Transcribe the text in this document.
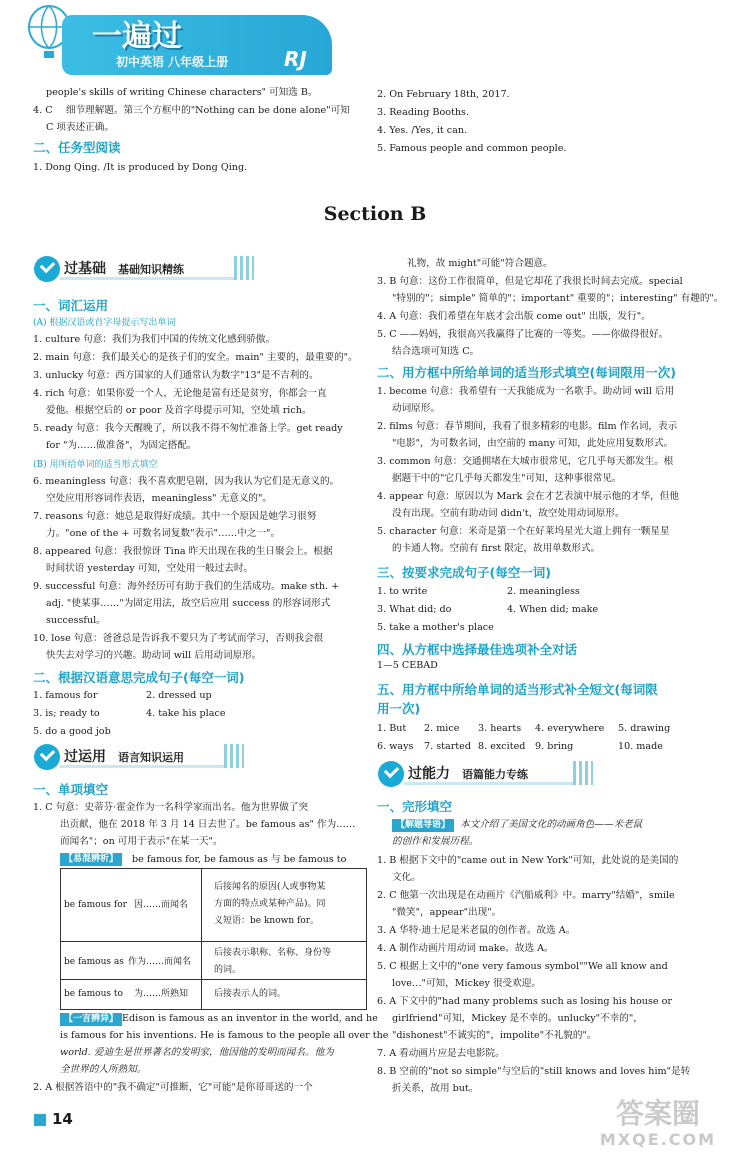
一遍过
初中英语 八年级上册	RJ
people's skills of writing Chinese characters" 可知选 B。
4. C 细节理解题。第三个方框中的"Nothing can be done alone"可知
C 项表述正确。
二、任务型阅读
1. Dong Qing. /It is produced by Dong Qing.
2. On February 18th, 2017.
3. Reading Booths.
4. Yes. /Yes, it can.
5. Famous people and common people.
Section B
过基础 基础知识精练
一、词汇运用
(A) 根据汉语或首字母提示写出单词
1. culture 句意：我们为我们中国的传统文化感到骄傲。
2. main 句意：我们最关心的是孩子们的安全。main" 主要的，最重要的"。
3. unlucky 句意：西方国家的人们通常认为数字"13"是不吉利的。
4. rich 句意：如果你爱一个人，无论他是富有还是贫穷，你都会一直
爱他。根据空后的 or poor 及首字母提示可知，空处填 rich。
5. ready 句意：我今天醒晚了，所以我不得不匆忙准备上学。get ready
for "为……做准备"，为固定搭配。
(B) 用所给单词的适当形式填空
6. meaningless 句意：我不喜欢肥皂剧，因为我认为它们是无意义的。
空处应用形容词作表语，meaningless" 无意义的"。
7. reasons 句意：她总是取得好成绩。其中一个原因是她学习很努
力。"one of the + 可数名词复数"表示"……中之一"。
8. appeared 句意：我很惊讶 Tina 昨天出现在我的生日聚会上。根据
时间状语 yesterday 可知，空处用一般过去时。
9. successful 句意：海外经历可有助于我们的生活成功。make sth. +
adj. "使某事……"为固定用法，故空后应用 success 的形容词形式
successful。
10. lose 句意：爸爸总是告诉我不要只为了考试而学习，否则我会很
快失去对学习的兴趣。助动词 will 后用动词原形。
二、根据汉语意思完成句子(每空一词)
1. famous for	2. dressed up
3. is; ready to	4. take his place
5. do a good job
过运用 语言知识运用
一、单项填空
1. C 句意：史蒂芬·霍金作为一名科学家而出名。他为世界做了突
出贡献，他在 2018 年 3 月 14 日去世了。be famous as" 作为……
而闻名"；on 可用于表示"在某一天"。
【易混辨析】	be famous for, be famous as 与 be famous to
be famous for 因……而闻名
后接闻名的原因(人或事物某
方面的特点或某种产品)。同
义短语：be known for。
be famous as 作为……而闻名
后接表示职称、名称、身份等
的词。
be famous to 为……所熟知	后接表示人的词。
【一言辨异】 Edison is famous as an inventor in the world, and he
is famous for his inventions. He is famous to the people all over the
world. 爱迪生是世界著名的发明家，他因他的发明而闻名。他为
全世界的人所熟知。
2. A 根据答语中的"我不确定"可推断，它"可能"是你哥哥送的一个
礼物，故 might"可能"符合题意。
3. B 句意：这份工作很简单，但是它却花了我很长时间去完成。special
"特别的"；simple" 简单的"；important" 重要的"；interesting" 有趣的"。
4. A 句意：我们希望在年底才会出版 come out" 出版，发行"。
5. C ——妈妈，我很高兴我赢得了比赛的一等奖。——你做得很好。
结合选项可知选 C。
二、用方框中所给单词的适当形式填空(每词限用一次)
1. become 句意：我希望有一天我能成为一名歌手。助动词 will 后用
动词原形。
2. films 句意：春节期间，我看了很多精彩的电影。film 作名词，表示
"电影"，为可数名词，由空前的 many 可知，此处应用复数形式。
3. common 句意：交通拥堵在大城市很常见，它几乎每天都发生。根
据题干中的"它几乎每天都发生"可知，这种事很常见。
4. appear 句意：原因以为 Mark 会在才艺表演中展示他的才华，但他
没有出现。空前有助动词 didn't，故空处用动词原形。
5. character 句意：米奇是第一个在好莱坞星光大道上拥有一颗星星
的卡通人物。空前有 first 限定，故用单数形式。
三、按要求完成句子(每空一词)
1. to write	2. meaningless
3. What did; do	4. When did; make
5. take a mother's place
四、从方框中选择最佳选项补全对话
1—5 CEBAD
五、用方框中所给单词的适当形式补全短文(每词限
用一次)
1. But 2. mice 3. hearts 4. everywhere 5. drawing
6. ways 7. started 8. excited 9. bring	10. made
过能力 语篇能力专练
一、完形填空
【解题导语】	本文介绍了美国文化的动画角色——米老鼠
的创作和发展历程。
1. B 根据下文中的"came out in New York"可知，此处说的是美国的
文化。
2. C 他第一次出现是在动画片《汽船威利》中。marry"结婚"，smile
"微笑"，appear"出现"。
3. A 华特·迪士尼是米老鼠的创作者。故选 A。
4. A 制作动画片用动词 make。故选 A。
5. C 根据上文中的"one very famous symbol""We all know and
love…"可知，Mickey 很受欢迎。
6. A 下文中的"had many problems such as losing his house or
girlfriend"可知，Mickey 是不幸的。unlucky"不幸的"，
"dishonest"不诚实的"，impolite"不礼貌的"。
7. A 看动画片应是去电影院。
8. B 空前的"not so simple"与空后的"still knows and loves him"是转
折关系，故用 but。
14	答案圈
MXQE.COM
